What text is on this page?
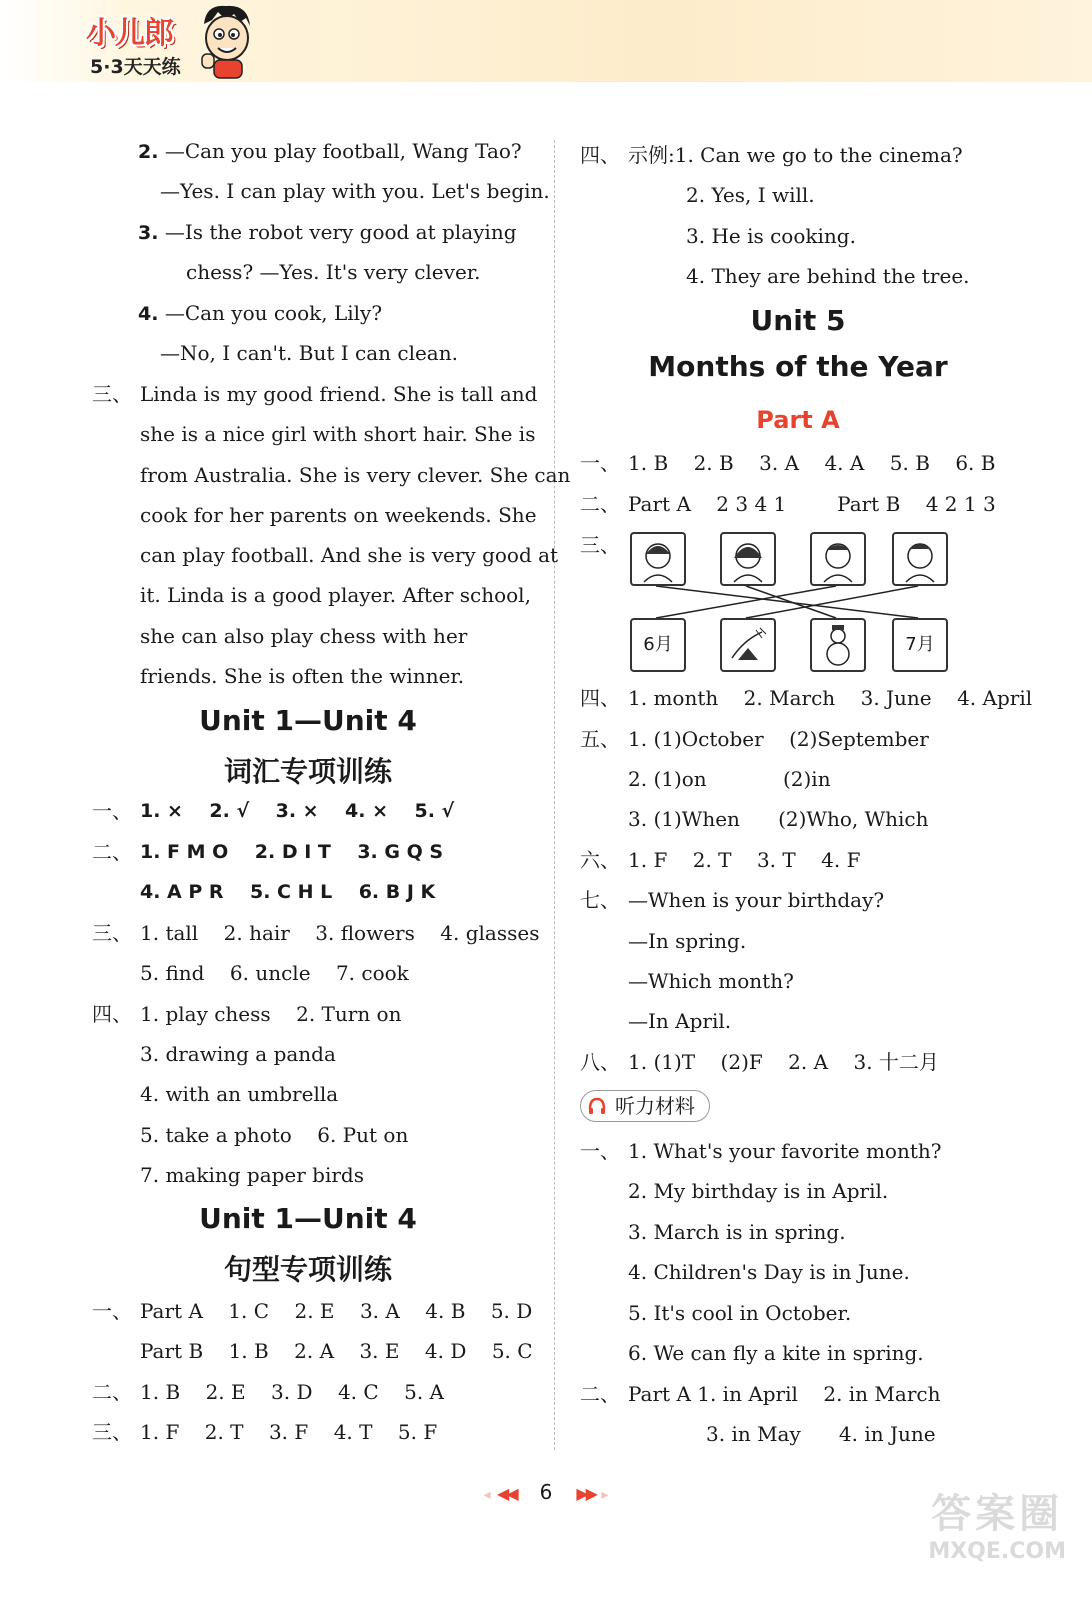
小儿郎
5·3天天练
2. —Can you play football, Wang Tao?
—Yes. I can play with you. Let's begin.
3. —Is the robot very good at playing
chess? —Yes. It's very clever.
4. —Can you cook, Lily?
—No, I can't. But I can clean.
三、 Linda is my good friend. She is tall and
she is a nice girl with short hair. She is
from Australia. She is very clever. She can
cook for her parents on weekends. She
can play football. And she is very good at
it. Linda is a good player. After school,
she can also play chess with her
friends. She is often the winner.
Unit 1—Unit 4
词汇专项训练
一、 1. ×    2. √    3. ×    4. ×    5. √
二、 1. F M O    2. D I T    3. G Q S
4. A P R    5. C H L    6. B J K
三、 1. tall    2. hair    3. flowers    4. glasses
5. find    6. uncle    7. cook
四、 1. play chess    2. Turn on
3. drawing a panda
4. with an umbrella
5. take a photo    6. Put on
7. making paper birds
Unit 1—Unit 4
句型专项训练
一、 Part A    1. C    2. E    3. A    4. B    5. D
Part B    1. B    2. A    3. E    4. D    5. C
二、 1. B    2. E    3. D    4. C    5. A
三、 1. F    2. T    3. F    4. T    5. F
四、 示例:1. Can we go to the cinema?
2. Yes, I will.
3. He is cooking.
4. They are behind the tree.
Unit 5
Months of the Year
Part A
一、 1. B    2. B    3. A    4. A    5. B    6. B
二、 Part A    2 3 4 1        Part B    4 2 1 3
三、
6月	7月
四、 1. month    2. March    3. June    4. April
五、 1. (1)October    (2)September
2. (1)on            (2)in
3. (1)When      (2)Who, Which
六、 1. F    2. T    3. T    4. F
七、 —When is your birthday?
—In spring.
—Which month?
—In April.
八、 1. (1)T    (2)F    2. A    3. 十二月
听力材料
一、 1. What's your favorite month?
2. My birthday is in April.
3. March is in spring.
4. Children's Day is in June.
5. It's cool in October.
6. We can fly a kite in spring.
二、 Part A 1. in April    2. in March
3. in May      4. in June
◂ ◀◀ 6 ▶▶ ▸	答案圈
MXQE.COM
